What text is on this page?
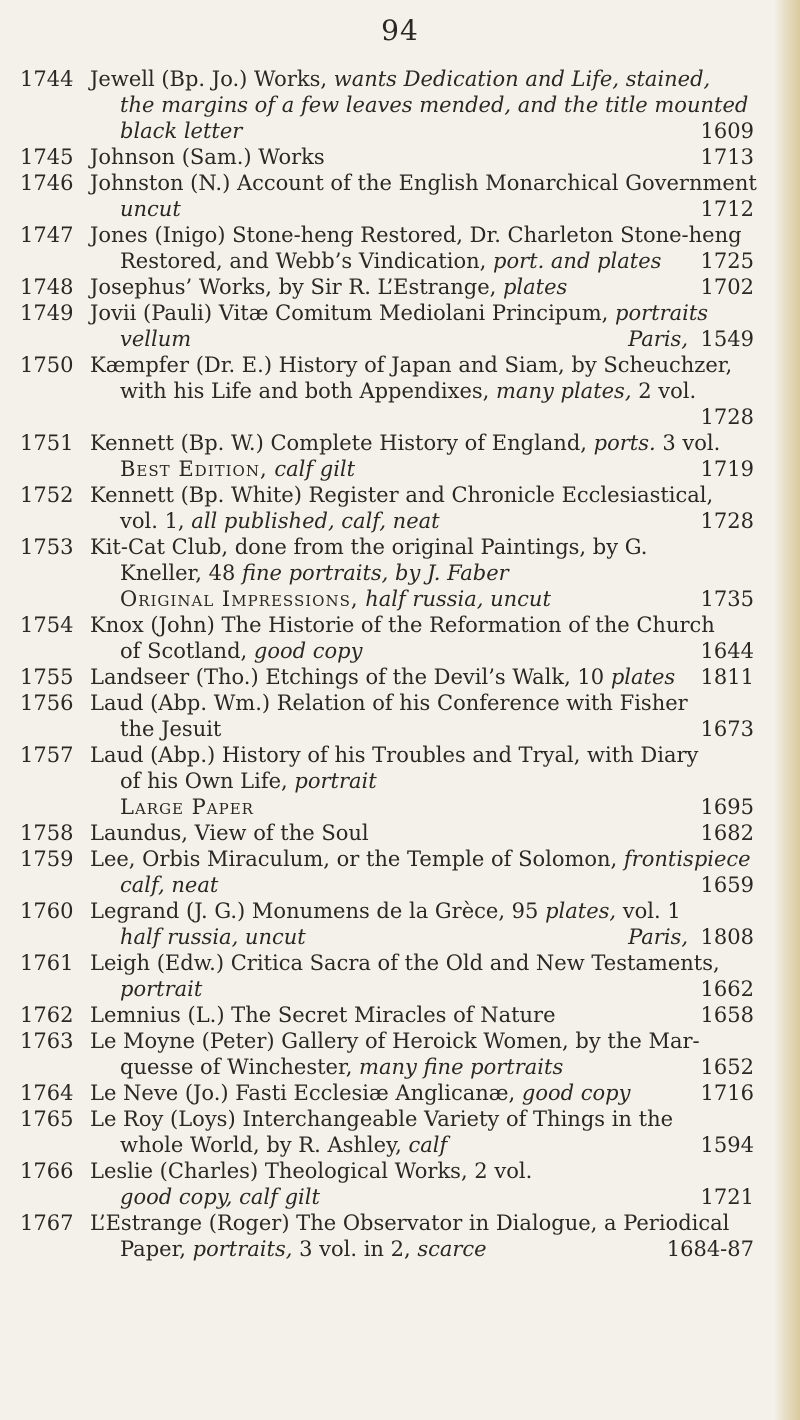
94
1744 Jewell (Bp. Jo.) Works, wants Dedication and Life, stained,
the margins of a few leaves mended, and the title mounted
black letter	1609
1745 Johnson (Sam.) Works	1713
1746 Johnston (N.) Account of the English Monarchical Government
uncut	1712
1747 Jones (Inigo) Stone-heng Restored, Dr. Charleton Stone-heng
Restored, and Webb’s Vindication, port. and plates 1725
1748 Josephus’ Works, by Sir R. L’Estrange, plates	1702
1749 Jovii (Pauli) Vitæ Comitum Mediolani Principum, portraits
vellum	Paris, 1549
1750 Kæmpfer (Dr. E.) History of Japan and Siam, by Scheuchzer,
with his Life and both Appendixes, many plates, 2 vol.
1728
1751 Kennett (Bp. W.) Complete History of England, ports. 3 vol.
Best Edition, calf gilt	1719
1752 Kennett (Bp. White) Register and Chronicle Ecclesiastical,
vol. 1, all published, calf, neat	1728
1753 Kit-Cat Club, done from the original Paintings, by G.
Kneller, 48 fine portraits, by J. Faber
Original Impressions, half russia, uncut	1735
1754 Knox (John) The Historie of the Reformation of the Church
of Scotland, good copy	1644
1755 Landseer (Tho.) Etchings of the Devil’s Walk, 10 plates 1811
1756 Laud (Abp. Wm.) Relation of his Conference with Fisher
the Jesuit	1673
1757 Laud (Abp.) History of his Troubles and Tryal, with Diary
of his Own Life, portrait
Large Paper	1695
1758 Laundus, View of the Soul	1682
1759 Lee, Orbis Miraculum, or the Temple of Solomon, frontispiece
calf, neat	1659
1760 Legrand (J. G.) Monumens de la Grèce, 95 plates, vol. 1
half russia, uncut	Paris, 1808
1761 Leigh (Edw.) Critica Sacra of the Old and New Testaments,
portrait	1662
1762 Lemnius (L.) The Secret Miracles of Nature	1658
1763 Le Moyne (Peter) Gallery of Heroick Women, by the Mar-
quesse of Winchester, many fine portraits	1652
1764 Le Neve (Jo.) Fasti Ecclesiæ Anglicanæ, good copy	1716
1765 Le Roy (Loys) Interchangeable Variety of Things in the
whole World, by R. Ashley, calf	1594
1766 Leslie (Charles) Theological Works, 2 vol.
good copy, calf gilt	1721
1767 L’Estrange (Roger) The Observator in Dialogue, a Periodical
Paper, portraits, 3 vol. in 2, scarce	1684-87
